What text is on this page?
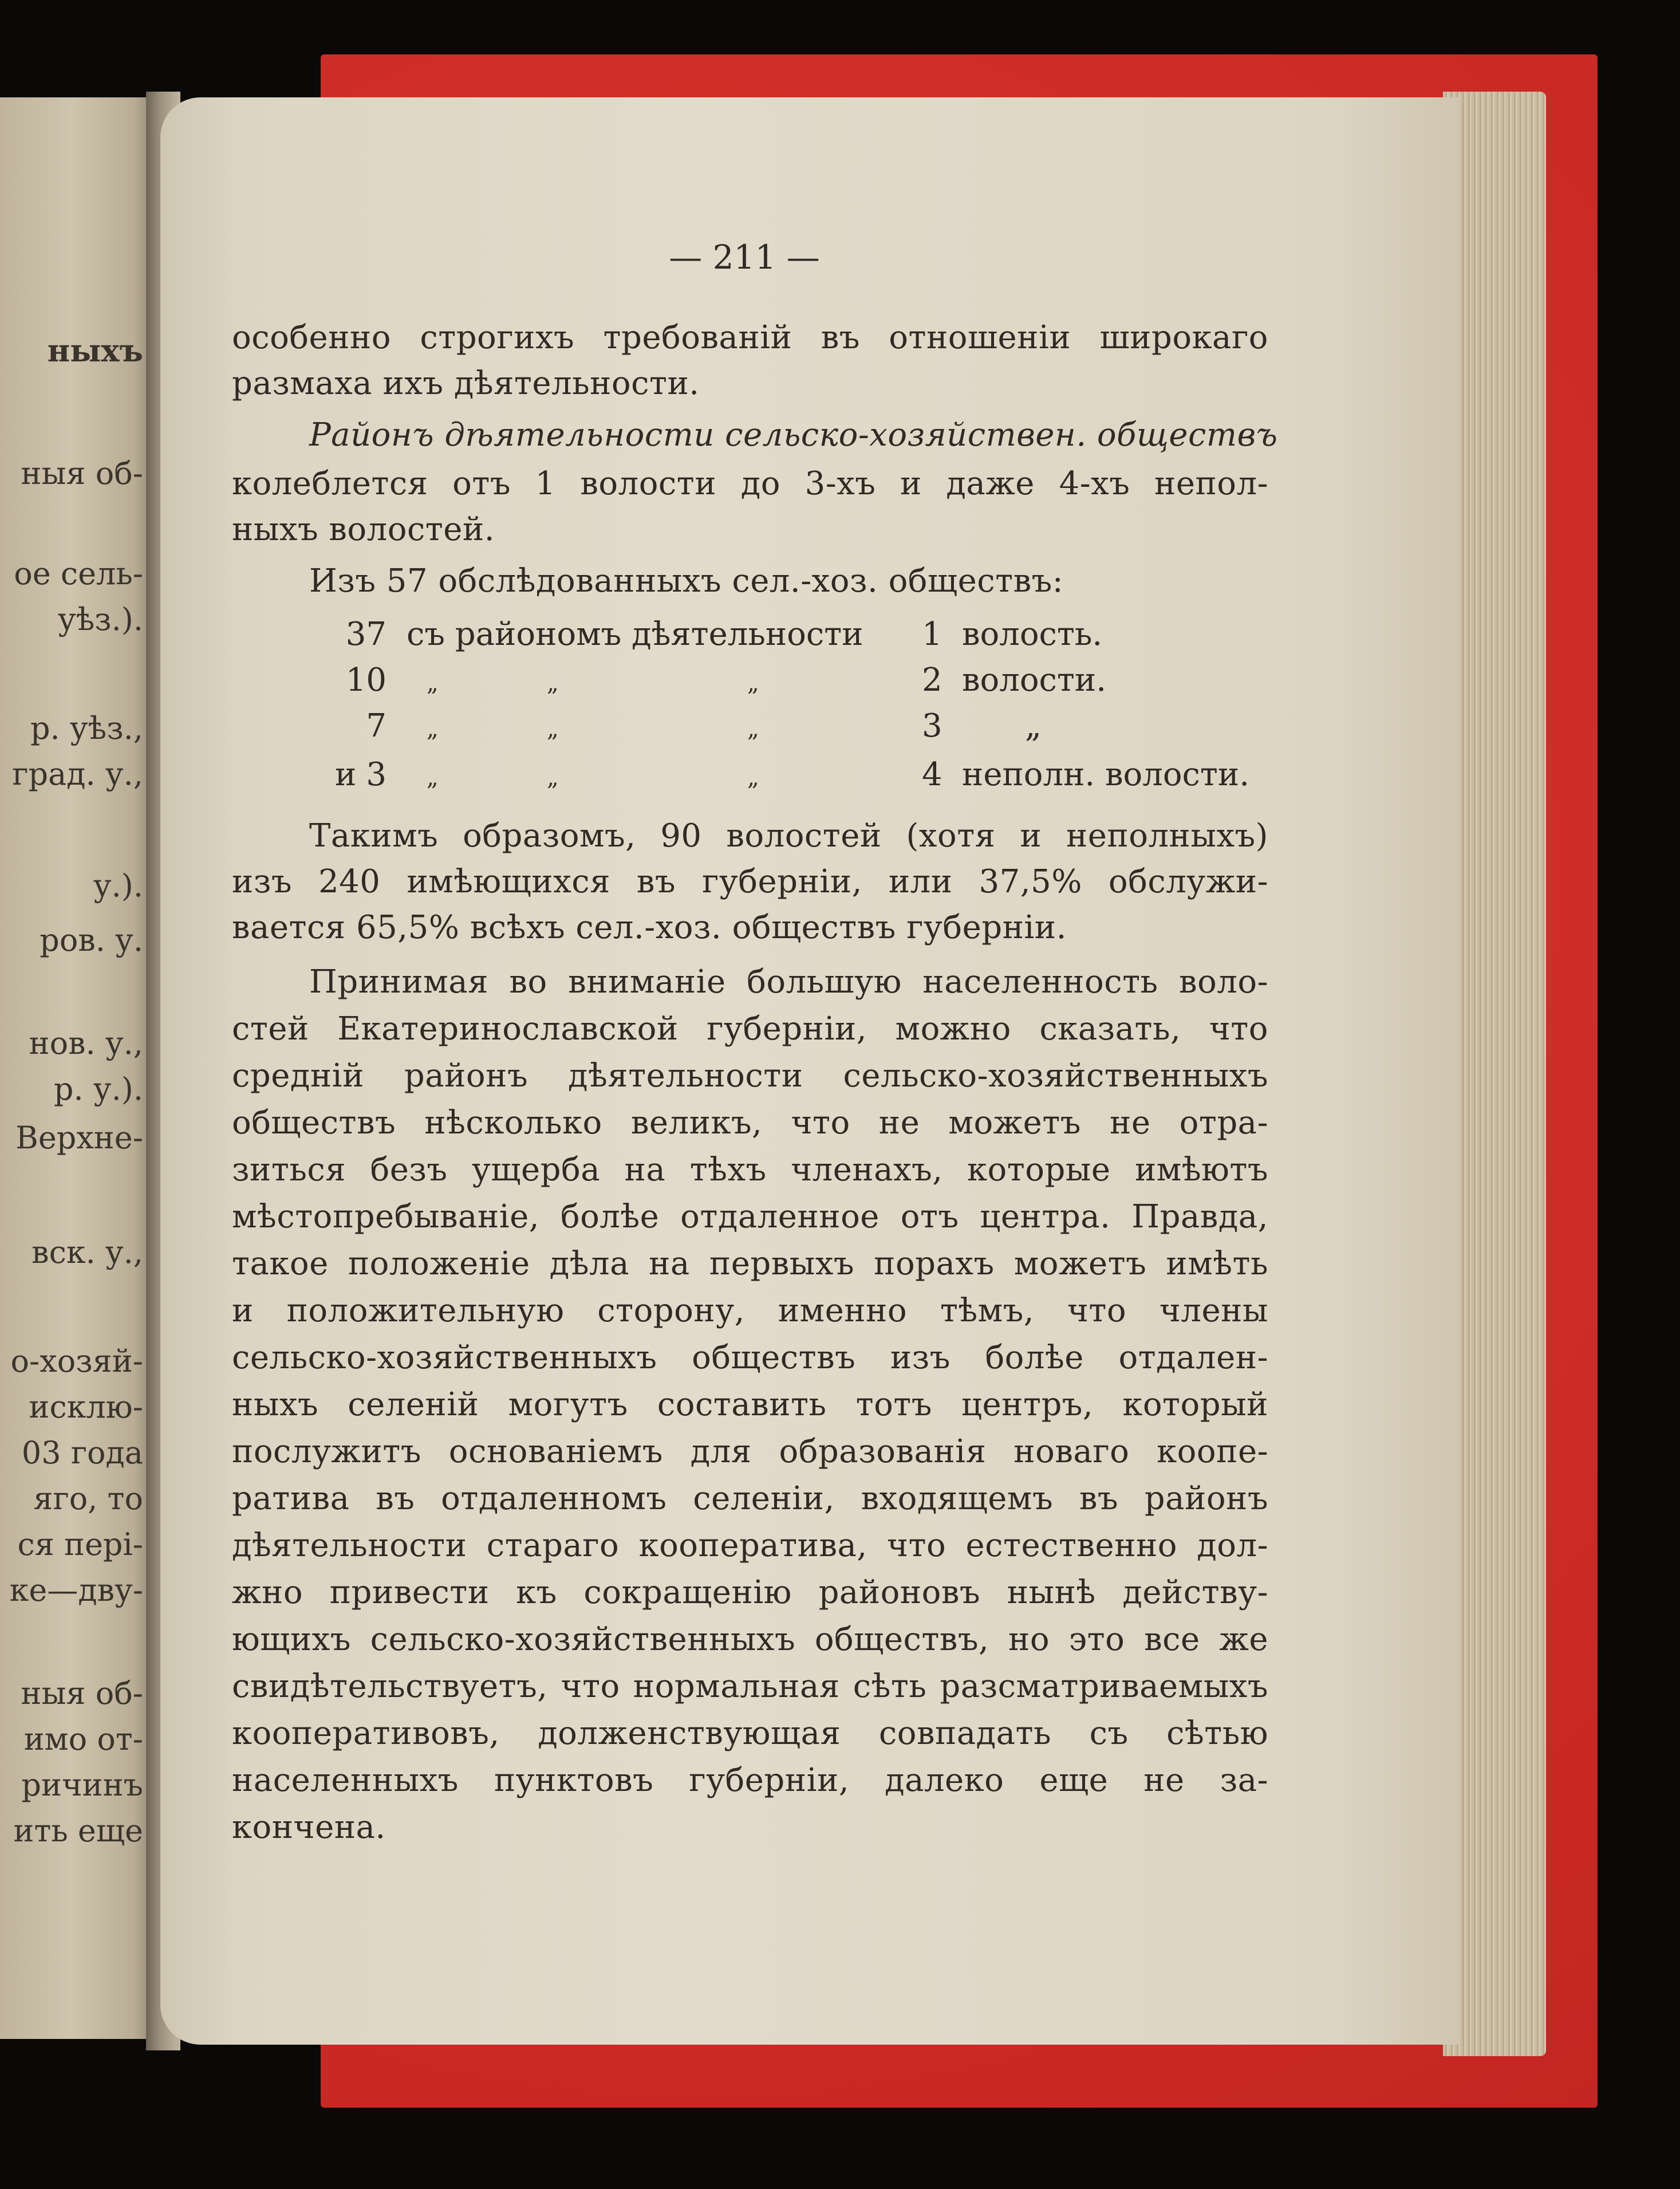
ныхъ
ныя об-
ое сель-
уѣз.).
р. уѣз.,
град. у.,
у.).
ров. у.
нов. у.,
р. у.).
Верхне-
вск. у.,
о-хозяй-
исклю-
03 года
яго, то
ся пері-
ке—дву-
ныя об-
имо от-
ричинъ
ить еще
— 211 —
особенно строгихъ требованій въ отношеніи широкаго
размаха ихъ дѣятельности.
Районъ дѣятельности сельско-хозяйствен. обществъ
колеблется отъ 1 волости до 3-хъ и даже 4-хъ непол-
ныхъ волостей.
Изъ 57 обслѣдованныхъ сел.-хоз. обществъ:
37 съ райономъ дѣятельности 1 волость.
10 „	„	„	2 волости.
7 „	„	„	3	„
и 3 „	„	„	4 неполн. волости.
Такимъ образомъ, 90 волостей (хотя и неполныхъ)
изъ 240 имѣющихся въ губерніи, или 37,5% обслужи-
вается 65,5% всѣхъ сел.-хоз. обществъ губерніи.
Принимая во вниманіе большую населенность воло-
стей Екатеринославской губерніи, можно сказать, что
средній районъ дѣятельности сельско-хозяйственныхъ
обществъ нѣсколько великъ, что не можетъ не отра-
зиться безъ ущерба на тѣхъ членахъ, которые имѣютъ
мѣстопребываніе, болѣе отдаленное отъ центра. Правда,
такое положеніе дѣла на первыхъ порахъ можетъ имѣть
и положительную сторону, именно тѣмъ, что члены
сельско-хозяйственныхъ обществъ изъ болѣе отдален-
ныхъ селеній могутъ составить тотъ центръ, который
послужитъ основаніемъ для образованія новаго коопе-
ратива въ отдаленномъ селеніи, входящемъ въ районъ
дѣятельности стараго кооператива, что естественно дол-
жно привести къ сокращенію районовъ нынѣ действу-
ющихъ сельско-хозяйственныхъ обществъ, но это все же
свидѣтельствуетъ, что нормальная сѣть разсматриваемыхъ
кооперативовъ, долженствующая совпадать съ сѣтью
населенныхъ пунктовъ губерніи, далеко еще не за-
кончена.
